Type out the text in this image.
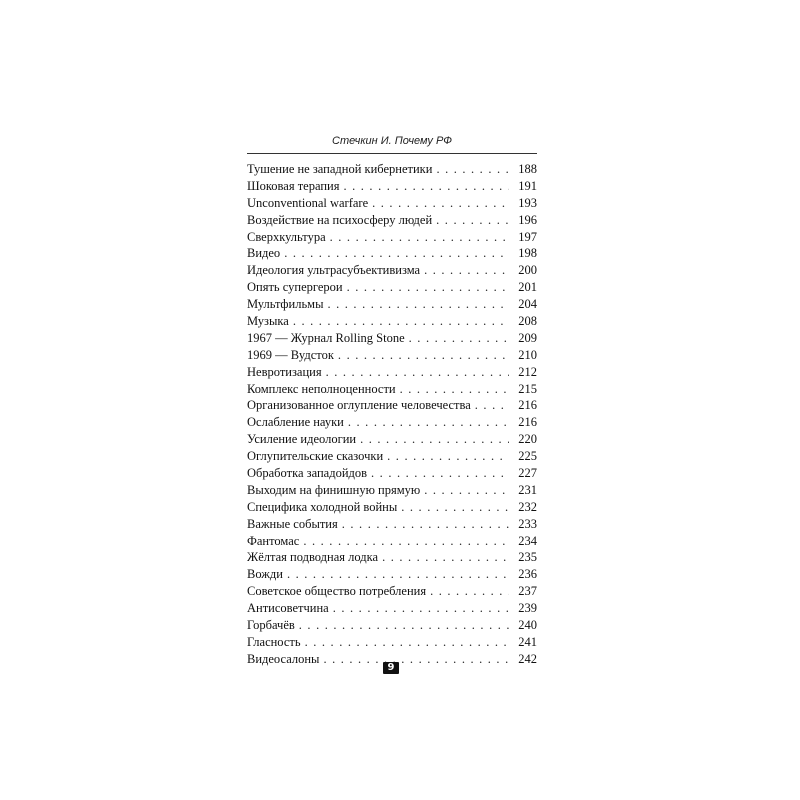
Стечкин И. Почему РФ
Тушение не западной кибернетики . . .	188
Шоковая терапия . . .	191
Unconventional warfare . . .	193
Воздействие на психосферу людей . . .	196
Сверхкультура . . .	197
Видео . . .	198
Идеология ультрасубъективизма . . .	200
Опять супергерои . . .	201
Мультфильмы . . .	204
Музыка . . .	208
1967 — Журнал Rolling Stone . . .	209
1969 — Вудсток . . .	210
Невротизация . . .	212
Комплекс неполноценности . . .	215
Организованное оглупление человечества . . .	216
Ослабление науки . . .	216
Усиление идеологии . . .	220
Оглупительские сказочки . . .	225
Обработка западойдов . . .	227
Выходим на финишную прямую . . .	231
Специфика холодной войны . . .	232
Важные события . . .	233
Фантомас . . .	234
Жёлтая подводная лодка . . .	235
Вожди . . .	236
Советское общество потребления . . .	237
Антисоветчина . . .	239
Горбачёв . . .	240
Гласность . . .	241
Видеосалоны . . .	242
9
